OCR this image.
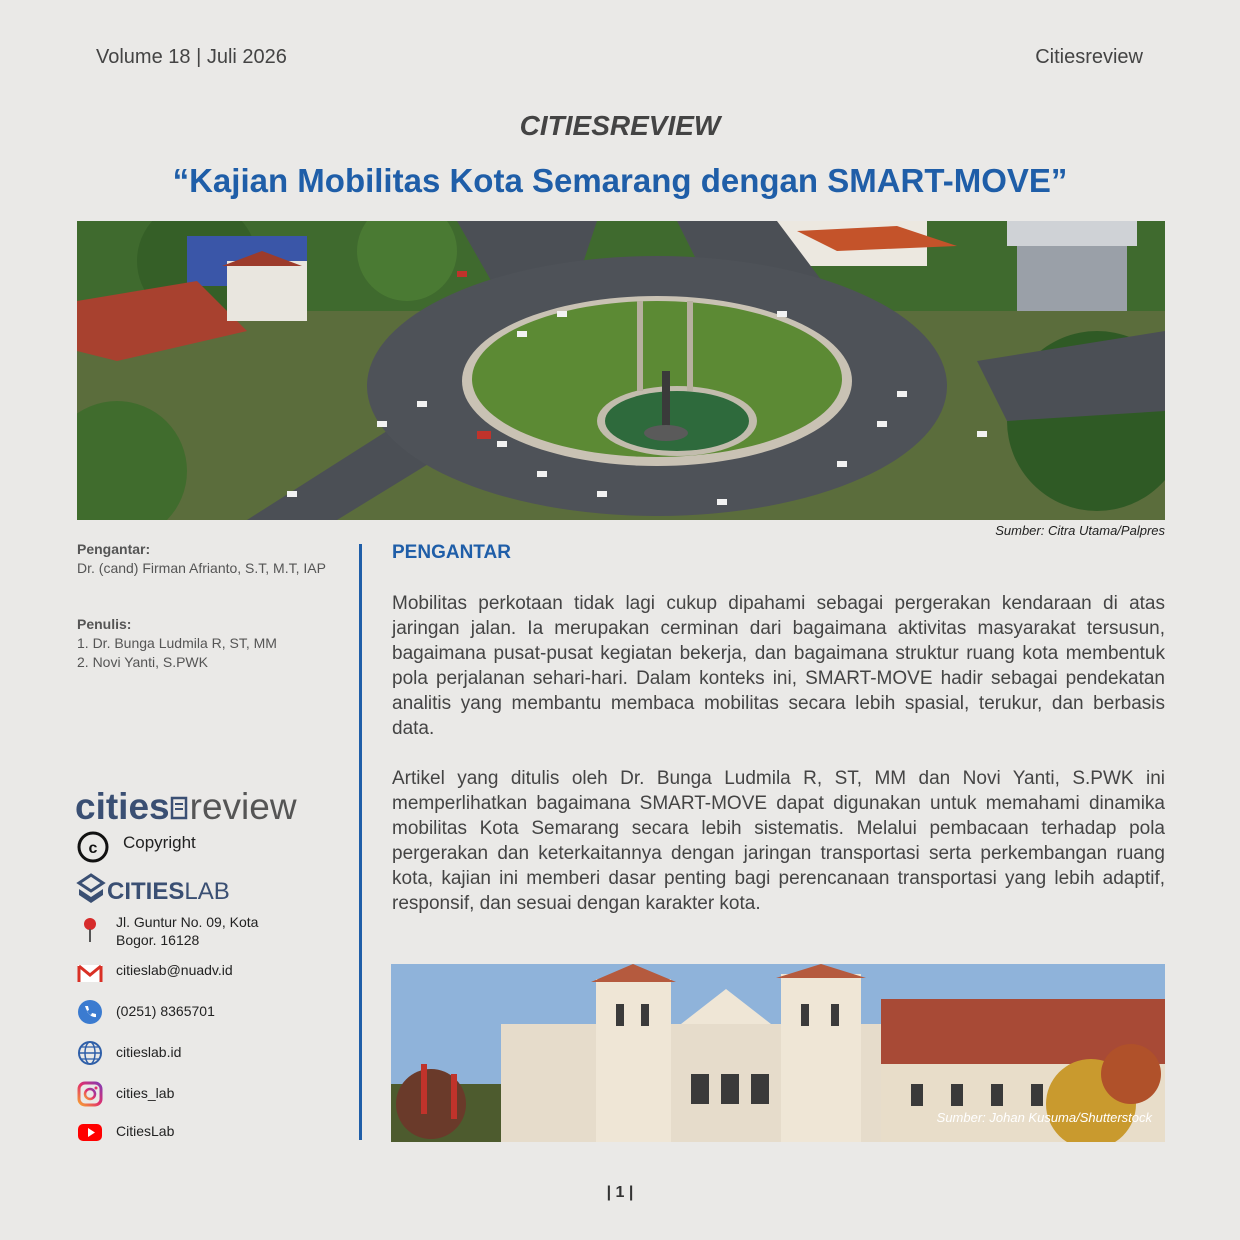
Volume 18 | Juli 2026	Citiesreview
CITIESREVIEW
“Kajian Mobilitas Kota Semarang dengan SMART-MOVE”
Sumber: Citra Utama/Palpres
Pengantar:
Dr. (cand) Firman Afrianto, S.T, M.T, IAP
Penulis:
1. Dr. Bunga Ludmila R, ST, MM
2. Novi Yanti, S.PWK
cities review
c Copyright
CITIESLAB
Jl. Guntur No. 09, Kota
Bogor. 16128
citieslab@nuadv.id
(0251) 8365701
citieslab.id
cities_lab
CitiesLab
PENGANTAR
Mobilitas perkotaan tidak lagi cukup dipahami sebagai pergerakan kendaraan di atas jaringan jalan. Ia merupakan cerminan dari bagaimana aktivitas masyarakat tersusun, bagaimana pusat-pusat kegiatan bekerja, dan bagaimana struktur ruang kota membentuk pola perjalanan sehari-hari. Dalam konteks ini, SMART-MOVE hadir sebagai pendekatan analitis yang membantu membaca mobilitas secara lebih spasial, terukur, dan berbasis data.
Artikel yang ditulis oleh Dr. Bunga Ludmila R, ST, MM dan Novi Yanti, S.PWK ini memperlihatkan bagaimana SMART-MOVE dapat digunakan untuk memahami dinamika mobilitas Kota Semarang secara lebih sistematis. Melalui pembacaan terhadap pola pergerakan dan keterkaitannya dengan jaringan transportasi serta perkembangan ruang kota, kajian ini memberi dasar penting bagi perencanaan transportasi yang lebih adaptif, responsif, dan sesuai dengan karakter kota.
Sumber: Johan Kusuma/Shutterstock
| 1 |
